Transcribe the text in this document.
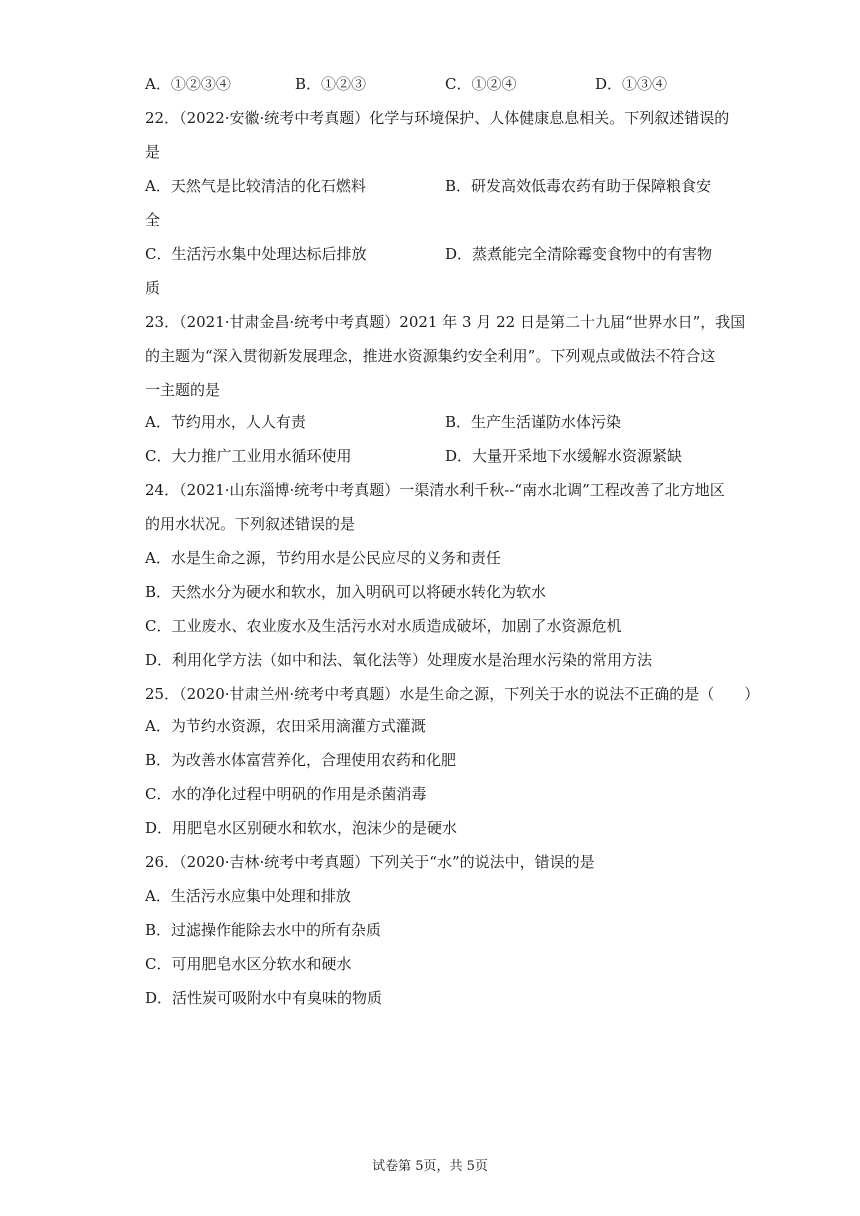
A．①②③④	B．①②③	C．①②④	D．①③④
22．（2022·安徽·统考中考真题）化学与环境保护、人体健康息息相关。下列叙述错误的
是
A．天然气是比较清洁的化石燃料	B．研发高效低毒农药有助于保障粮食安
全
C．生活污水集中处理达标后排放	D．蒸煮能完全清除霉变食物中的有害物
质
23．（2021·甘肃金昌·统考中考真题）2021 年 3 月 22 日是第二十九届“世界水日”，我国
的主题为“深入贯彻新发展理念，推进水资源集约安全利用”。下列观点或做法不符合这
一主题的是
A．节约用水，人人有责	B．生产生活谨防水体污染
C．大力推广工业用水循环使用	D．大量开采地下水缓解水资源紧缺
24．（2021·山东淄博·统考中考真题）一渠清水利千秋--“南水北调”工程改善了北方地区
的用水状况。下列叙述错误的是
A．水是生命之源，节约用水是公民应尽的义务和责任
B．天然水分为硬水和软水，加入明矾可以将硬水转化为软水
C．工业废水、农业废水及生活污水对水质造成破坏，加剧了水资源危机
D．利用化学方法（如中和法、氧化法等）处理废水是治理水污染的常用方法
25．（2020·甘肃兰州·统考中考真题）水是生命之源，下列关于水的说法不正确的是（　　）
A．为节约水资源，农田采用滴灌方式灌溉
B．为改善水体富营养化，合理使用农药和化肥
C．水的净化过程中明矾的作用是杀菌消毒
D．用肥皂水区别硬水和软水，泡沫少的是硬水
26．（2020·吉林·统考中考真题）下列关于“水”的说法中，错误的是
A．生活污水应集中处理和排放
B．过滤操作能除去水中的所有杂质
C．可用肥皂水区分软水和硬水
D．活性炭可吸附水中有臭味的物质
试卷第 5页，共 5页
